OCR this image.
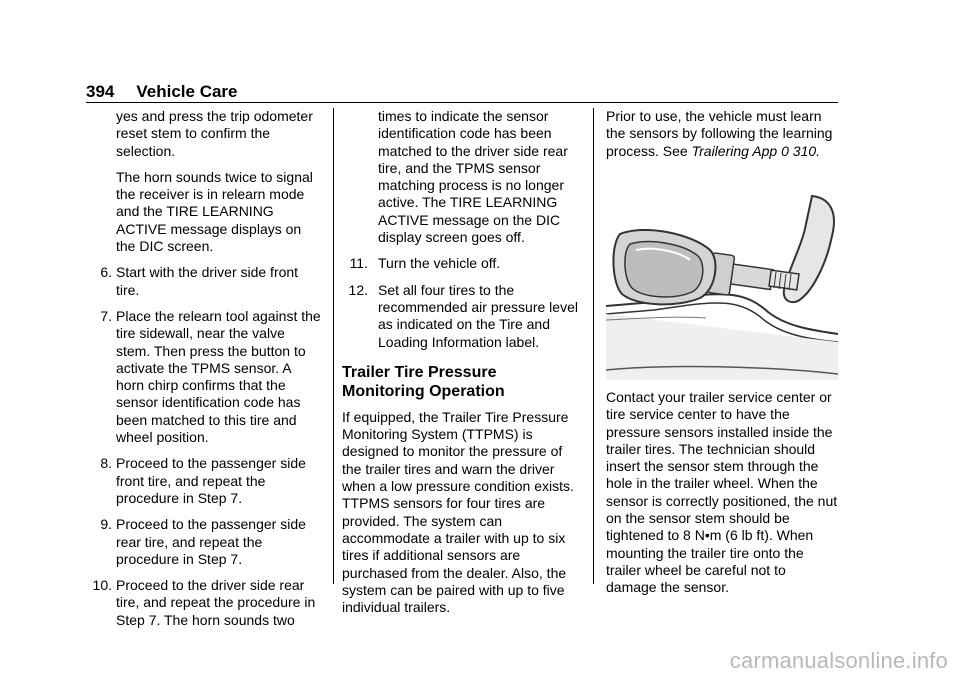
394 Vehicle Care

yes and press the trip odometer reset stem to confirm the selection.

The horn sounds twice to signal the receiver is in relearn mode and the TIRE LEARNING ACTIVE message displays on the DIC screen.

6. Start with the driver side front tire.
7. Place the relearn tool against the tire sidewall, near the valve stem. Then press the button to activate the TPMS sensor. A horn chirp confirms that the sensor identification code has been matched to this tire and wheel position.
8. Proceed to the passenger side front tire, and repeat the procedure in Step 7.
9. Proceed to the passenger side rear tire, and repeat the procedure in Step 7.
10. Proceed to the driver side rear tire, and repeat the procedure in Step 7. The horn sounds two

times to indicate the sensor identification code has been matched to the driver side rear tire, and the TPMS sensor matching process is no longer active. The TIRE LEARNING ACTIVE message on the DIC display screen goes off.

11. Turn the vehicle off.
12. Set all four tires to the recommended air pressure level as indicated on the Tire and Loading Information label.
Trailer Tire Pressure Monitoring Operation

If equipped, the Trailer Tire Pressure Monitoring System (TTPMS) is designed to monitor the pressure of the trailer tires and warn the driver when a low pressure condition exists. TTPMS sensors for four tires are provided. The system can accommodate a trailer with up to six tires if additional sensors are purchased from the dealer. Also, the system can be paired with up to five individual trailers.

Prior to use, the vehicle must learn the sensors by following the learning process. See Trailering App 0 310.

Contact your trailer service center or tire service center to have the pressure sensors installed inside the trailer tires. The technician should insert the sensor stem through the hole in the trailer wheel. When the sensor is correctly positioned, the nut on the sensor stem should be tightened to 8 N•m (6 lb ft). When mounting the trailer tire onto the trailer wheel be careful not to damage the sensor.

carmanualsonline.info
